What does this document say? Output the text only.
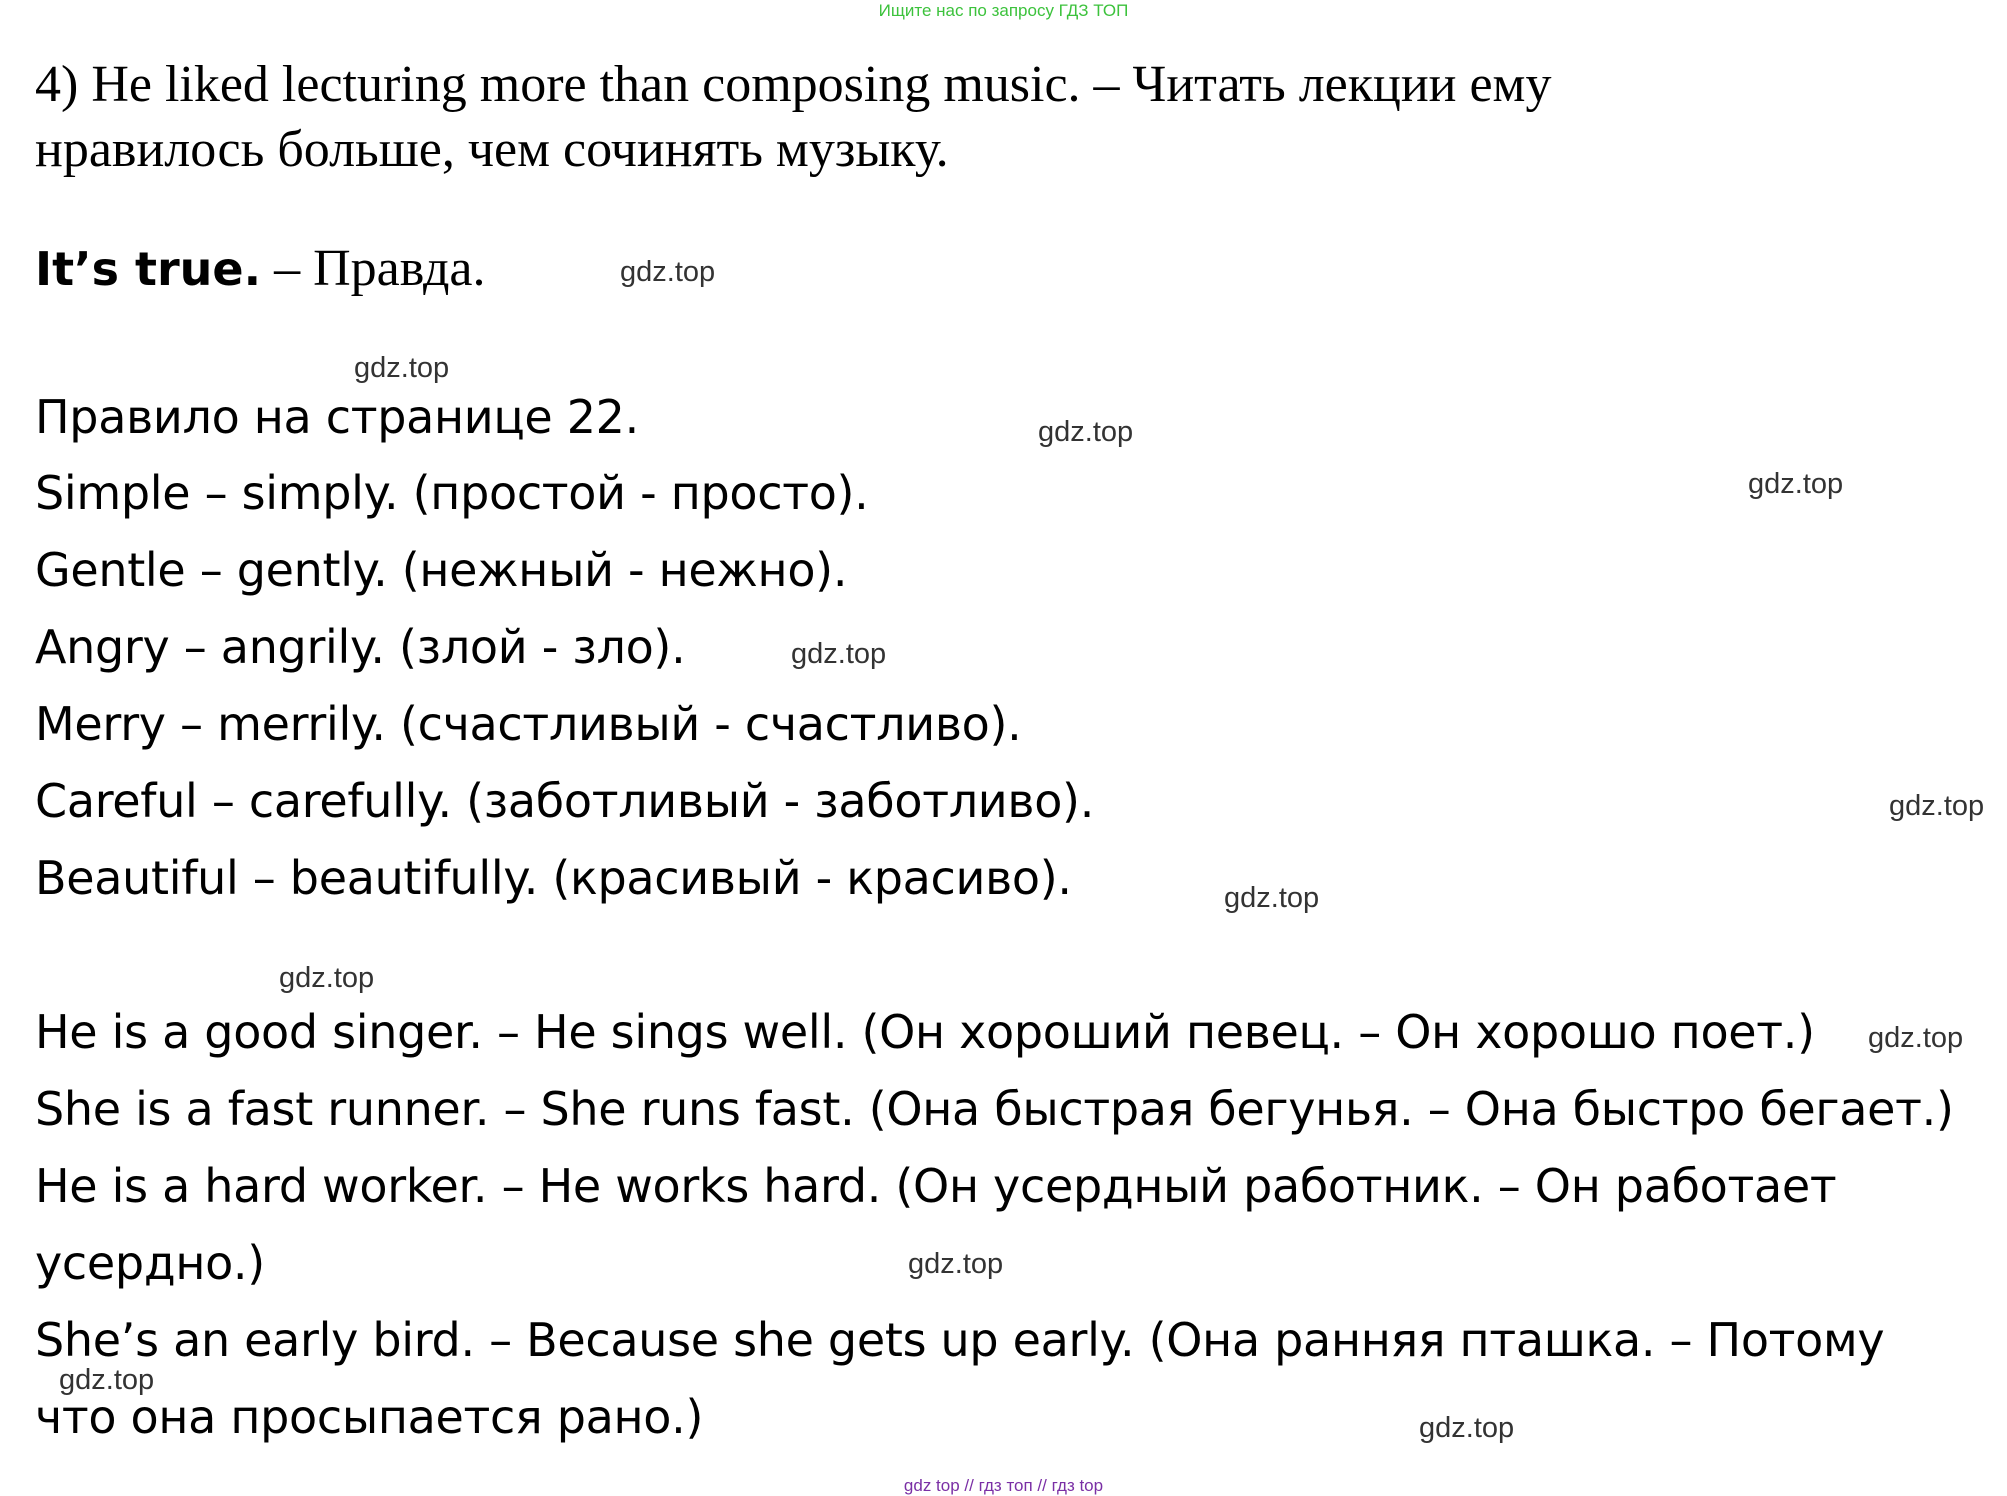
Ищите нас по запросу ГДЗ ТОП
4) He liked lecturing more than composing music. – Читать лекции ему
нравилось больше, чем сочинять музыку.
It’s true. – Правда.
Правило на странице 22.
Simple – simply. (простой - просто).
Gentle – gently. (нежный - нежно).
Angry – angrily. (злой - зло).
Merry – merrily. (счастливый - счастливо).
Careful – carefully. (заботливый - заботливо).
Beautiful – beautifully. (красивый - красиво).
He is a good singer. – He sings well. (Он хороший певец. – Он хорошо поет.)
She is a fast runner. – She runs fast. (Она быстрая бегунья. – Она быстро бегает.)
He is a hard worker. – He works hard. (Он усердный работник. – Он работает
усердно.)
She’s an early bird. – Because she gets up early. (Она ранняя пташка. – Потому
что она просыпается рано.)
gdz.top
gdz.top
gdz.top
gdz.top
gdz.top
gdz.top
gdz.top
gdz.top
gdz.top
gdz.top
gdz.top
gdz.top
gdz top // гдз топ // гдз top
